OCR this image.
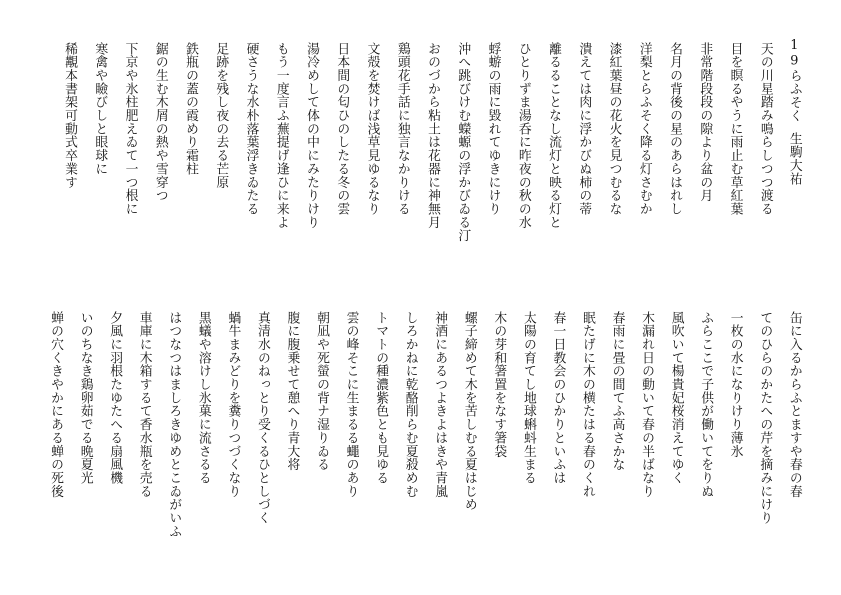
19らふそく生駒大祐
天の川星踏み鳴らしつつ渡る
目を瞑るやうに雨止む草紅葉
非常階段段の隙より盆の月
名月の背後の星のあらはれし
洋梨とらふそく降る灯さむか
漆紅葉昼の花火を見つむるな
潰えては肉に浮かびぬ柿の蒂
離るることなし流灯と映る灯と
ひとりずま湯呑に昨夜の秋の水
蜉蝣の雨に毀れてゆきにけり
沖へ跳びけむ蠑螈の浮かびゐる汀
おのづから粘土は花器に神無月
鶏頭花手話に独言なかりける
文殻を焚けば浅草見ゆるなり
日本間の匂ひのしたる冬の雲
湯冷めして体の中にみたりけり
もう一度言ふ蕪提げ逢ひに来よ
硬さうな水朴落葉浮きゐたる
足跡を残し夜の去る芒原
鉄瓶の蓋の霞めり霜柱
鋸の生む木屑の熱や雪穿つ
下京や氷柱肥えゐて一つ根に
寒禽や瞼びしと眼球に
稀覯本書架可動式卒業す
缶に入るからふとますや春の春
てのひらのかたへの芹を摘みにけり
一枚の水になりけり薄氷
ふらここで子供が働いてをりぬ
風吹いて楊貴妃桜消えてゆく
木漏れ日の動いて春の半ばなり
春雨に畳の間てふ高さかな
眠たげに木の横たはる春のくれ
春一日教会のひかりといふは
太陽の育てし地球蝌蚪生まる
木の芽和箸置をなす箸袋
螺子締めて木を苦しむる夏はじめ
神酒にあるつよきよはきや青嵐
しろかねに乾酪削らむ夏殺めむ
トマトの種濃紫色とも見ゆる
雲の峰そこに生まるる蠅のあり
朝凪や死螢の背ナ湿りゐる
腹に腹乗せて憩へり青大将
真清水のねっとり受くるひとしづく
蝸牛まみどりを糞りつづくなり
黒蟻や溶けし氷菓に流さるる
はつなつはましろきゆめとこゐがいふ
車庫に木箱するて香水瓶を売る
夕風に羽根たゆたへる扇風機
いのちなき鶏卵茹でる晩夏光
蝉の穴くきやかにある蝉の死後
